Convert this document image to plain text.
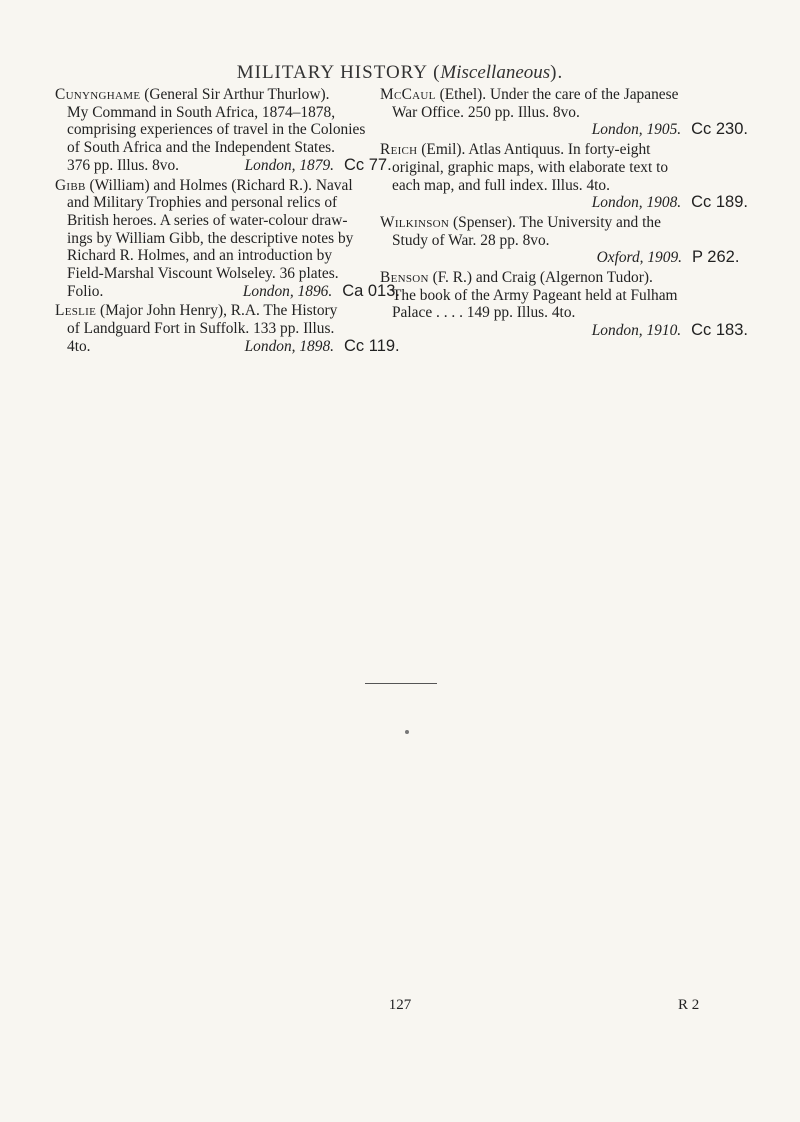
MILITARY HISTORY (Miscellaneous).

Cunynghame (General Sir Arthur Thurlow).

My Command in South Africa, 1874–1878,

comprising experiences of travel in the Colonies

of South Africa and the Independent States.

376 pp. Illus. 8vo.	London, 1879. Cc 77.

Gibb (William) and Holmes (Richard R.). Naval

and Military Trophies and personal relics of

British heroes. A series of water-colour draw-

ings by William Gibb, the descriptive notes by

Richard R. Holmes, and an introduction by

Field-Marshal Viscount Wolseley. 36 plates.

Folio.	London, 1896. Ca 013.

Leslie (Major John Henry), R.A. The History

of Landguard Fort in Suffolk. 133 pp. Illus.

4to.	London, 1898. Cc 119.

McCaul (Ethel). Under the care of the Japanese

War Office. 250 pp. Illus. 8vo.

London, 1905. Cc 230.

Reich (Emil). Atlas Antiquus. In forty-eight

original, graphic maps, with elaborate text to

each map, and full index. Illus. 4to.

London, 1908. Cc 189.

Wilkinson (Spenser). The University and the

Study of War. 28 pp. 8vo.

Oxford, 1909. P 262.

Benson (F. R.) and Craig (Algernon Tudor).

The book of the Army Pageant held at Fulham

Palace . . . . 149 pp. Illus. 4to.

London, 1910. Cc 183.

127	R 2
